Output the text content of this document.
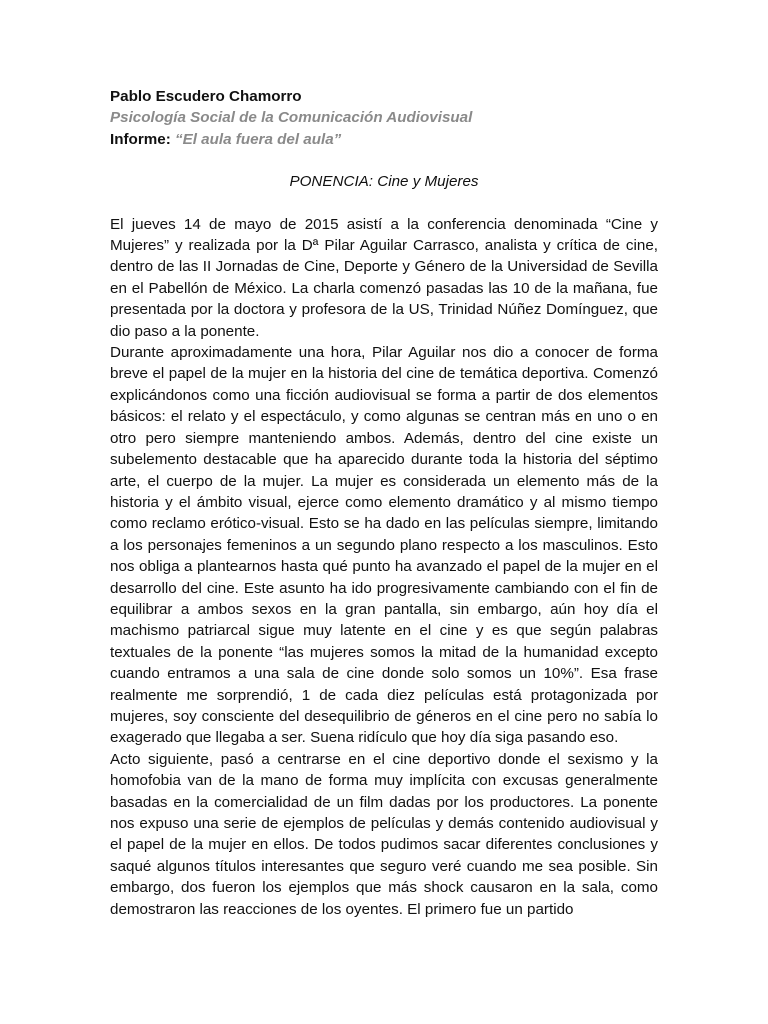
Pablo Escudero Chamorro

Psicología Social de la Comunicación Audiovisual

Informe: “El aula fuera del aula”

PONENCIA: Cine y Mujeres

El jueves 14 de mayo de 2015 asistí a la conferencia denominada “Cine y Mujeres” y realizada por la Dª Pilar Aguilar Carrasco, analista y crítica de cine, dentro de las II Jornadas de Cine, Deporte y Género de la Universidad de Sevilla en el Pabellón de México. La charla comenzó pasadas las 10 de la mañana, fue presentada por la doctora y profesora de la US, Trinidad Núñez Domínguez, que dio paso a la ponente.

Durante aproximadamente una hora, Pilar Aguilar nos dio a conocer de forma breve el papel de la mujer en la historia del cine de temática deportiva. Comenzó explicándonos como una ficción audiovisual se forma a partir de dos elementos básicos: el relato y el espectáculo, y como algunas se centran más en uno o en otro pero siempre manteniendo ambos. Además, dentro del cine existe un subelemento destacable que ha aparecido durante toda la historia del séptimo arte, el cuerpo de la mujer. La mujer es considerada un elemento más de la historia y el ámbito visual, ejerce como elemento dramático y al mismo tiempo como reclamo erótico-visual. Esto se ha dado en las películas siempre, limitando a los personajes femeninos a un segundo plano respecto a los masculinos. Esto nos obliga a plantearnos hasta qué punto ha avanzado el papel de la mujer en el desarrollo del cine. Este asunto ha ido progresivamente cambiando con el fin de equilibrar a ambos sexos en la gran pantalla, sin embargo, aún hoy día el machismo patriarcal sigue muy latente en el cine y es que según palabras textuales de la ponente “las mujeres somos la mitad de la humanidad excepto cuando entramos a una sala de cine donde solo somos un 10%”. Esa frase realmente me sorprendió, 1 de cada diez películas está protagonizada por mujeres, soy consciente del desequilibrio de géneros en el cine pero no sabía lo exagerado que llegaba a ser. Suena ridículo que hoy día siga pasando eso.

Acto siguiente, pasó a centrarse en el cine deportivo donde el sexismo y la homofobia van de la mano de forma muy implícita con excusas generalmente basadas en la comercialidad de un film dadas por los productores. La ponente nos expuso una serie de ejemplos de películas y demás contenido audiovisual y el papel de la mujer en ellos. De todos pudimos sacar diferentes conclusiones y saqué algunos títulos interesantes que seguro veré cuando me sea posible. Sin embargo, dos fueron los ejemplos que más shock causaron en la sala, como demostraron las reacciones de los oyentes. El primero fue un partido
